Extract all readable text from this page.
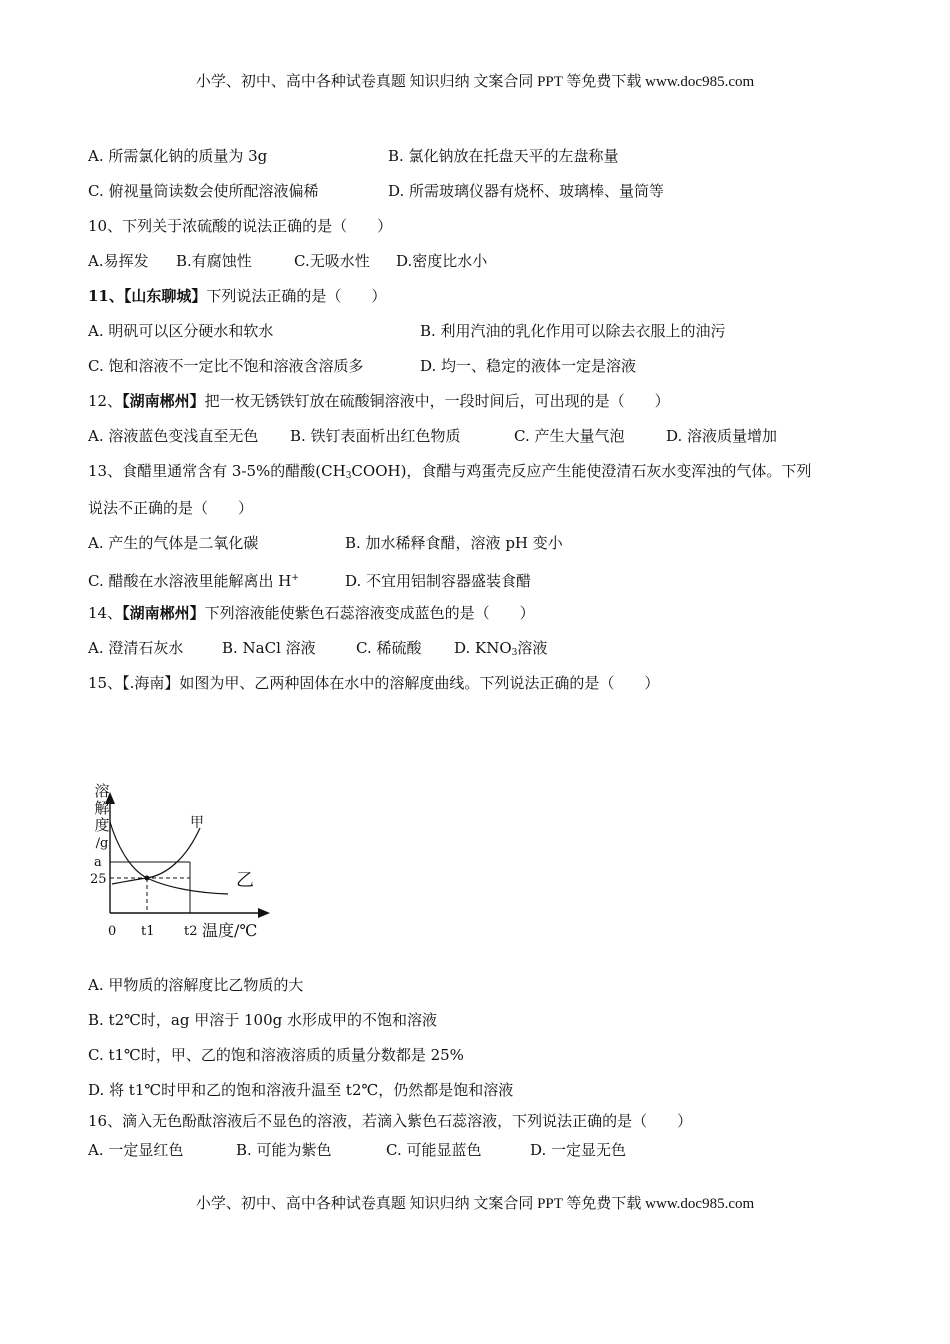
小学、初中、高中各种试卷真题 知识归纳 文案合同 PPT 等免费下载 www.doc985.com
A. 所需氯化钠的质量为 3g	B. 氯化钠放在托盘天平的左盘称量
C. 俯视量筒读数会使所配溶液偏稀	D. 所需玻璃仪器有烧杯、玻璃棒、量筒等
10、下列关于浓硫酸的说法正确的是（　　）
A.易挥发 B.有腐蚀性	C.无吸水性 D.密度比水小
11、【山东聊城】下列说法正确的是（　　）
A. 明矾可以区分硬水和软水	B. 利用汽油的乳化作用可以除去衣服上的油污
C. 饱和溶液不一定比不饱和溶液含溶质多	D. 均一、稳定的液体一定是溶液
12、【湖南郴州】把一枚无锈铁钉放在硫酸铜溶液中，一段时间后，可出现的是（　　）
A. 溶液蓝色变浅直至无色 B. 铁钉表面析出红色物质	C. 产生大量气泡	D. 溶液质量增加
13、食醋里通常含有 3-5%的醋酸$(CH_3COOH)$，食醋与鸡蛋壳反应产生能使澄清石灰水变浑浊的气体。下列
说法不正确的是（　　）
A. 产生的气体是二氧化碳	B. 加水稀释食醋，溶液 pH 变小
C. 醋酸在水溶液里能解离出 H+	D. 不宜用铝制容器盛装食醋
14、【湖南郴州】下列溶液能使紫色石蕊溶液变成蓝色的是（　　）
A. 澄清石灰水	B. NaCl 溶液	C. 稀硫酸 D. $KNO_3$溶液
15、【.海南】如图为甲、乙两种固体在水中的溶解度曲线。下列说法正确的是（　　）
溶
解
度
/g
甲
乙
a
25
0 t1 t2 温度/℃
A. 甲物质的溶解度比乙物质的大
B. t2℃时，ag 甲溶于 100g 水形成甲的不饱和溶液
C. t1℃时，甲、乙的饱和溶液溶质的质量分数都是 25%
D. 将 t1℃时甲和乙的饱和溶液升温至 t2℃，仍然都是饱和溶液
16、滴入无色酚酞溶液后不显色的溶液，若滴入紫色石蕊溶液，下列说法正确的是（　　）
A. 一定显红色	B. 可能为紫色	C. 可能显蓝色	D. 一定显无色
小学、初中、高中各种试卷真题 知识归纳 文案合同 PPT 等免费下载 www.doc985.com
